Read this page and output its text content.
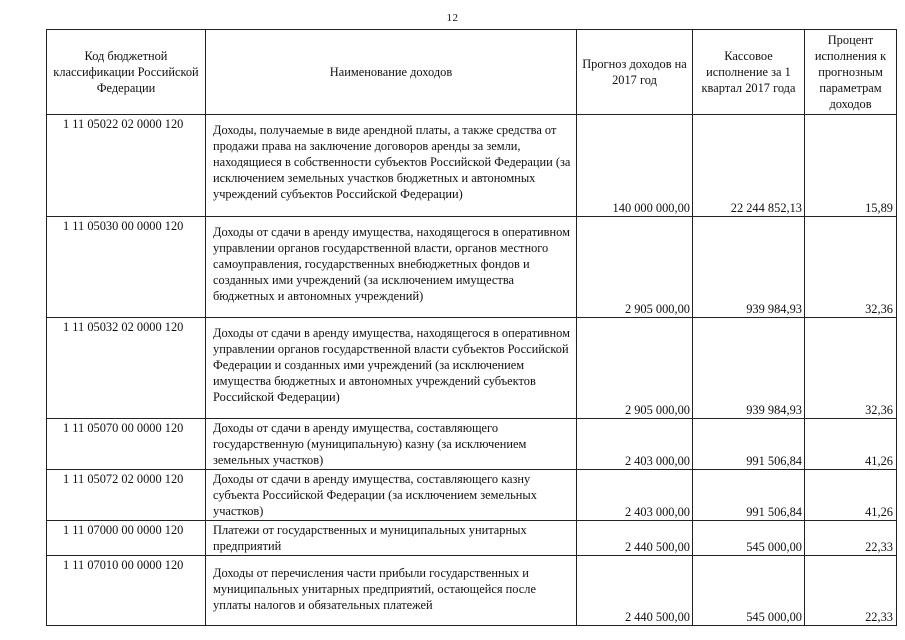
12
Код бюджетной классификации Российской Федерации	Наименование доходов	Прогноз доходов на 2017 год	Кассовое исполнение за 1 квартал 2017 года	Процент исполнения к прогнозным параметрам доходов
1 11 05022 02 0000 120	Доходы, получаемые в виде арендной платы, а также средства от продажи права на заключение договоров аренды за земли, находящиеся в собственности субъектов Российской Федерации (за исключением земельных участков бюджетных и автономных учреждений субъектов Российской Федерации)	140 000 000,00	22 244 852,13	15,89
1 11 05030 00 0000 120	Доходы от сдачи в аренду имущества, находящегося в оперативном управлении органов государственной власти, органов местного самоуправления, государственных внебюджетных фондов и созданных ими учреждений (за исключением имущества бюджетных и автономных учреждений)	2 905 000,00	939 984,93	32,36
1 11 05032 02 0000 120	Доходы от сдачи в аренду имущества, находящегося в оперативном управлении органов государственной власти субъектов Российской Федерации и созданных ими учреждений (за исключением имущества бюджетных и автономных учреждений субъектов Российской Федерации)	2 905 000,00	939 984,93	32,36
1 11 05070 00 0000 120	Доходы от сдачи в аренду имущества, составляющего государственную (муниципальную) казну (за исключением земельных участков)	2 403 000,00	991 506,84	41,26
1 11 05072 02 0000 120	Доходы от сдачи в аренду имущества, составляющего казну субъекта Российской Федерации (за исключением земельных участков)	2 403 000,00	991 506,84	41,26
1 11 07000 00 0000 120	Платежи от государственных и муниципальных унитарных предприятий	2 440 500,00	545 000,00	22,33
1 11 07010 00 0000 120	Доходы от перечисления части прибыли государственных и муниципальных унитарных предприятий, остающейся после уплаты налогов и обязательных платежей	2 440 500,00	545 000,00	22,33
